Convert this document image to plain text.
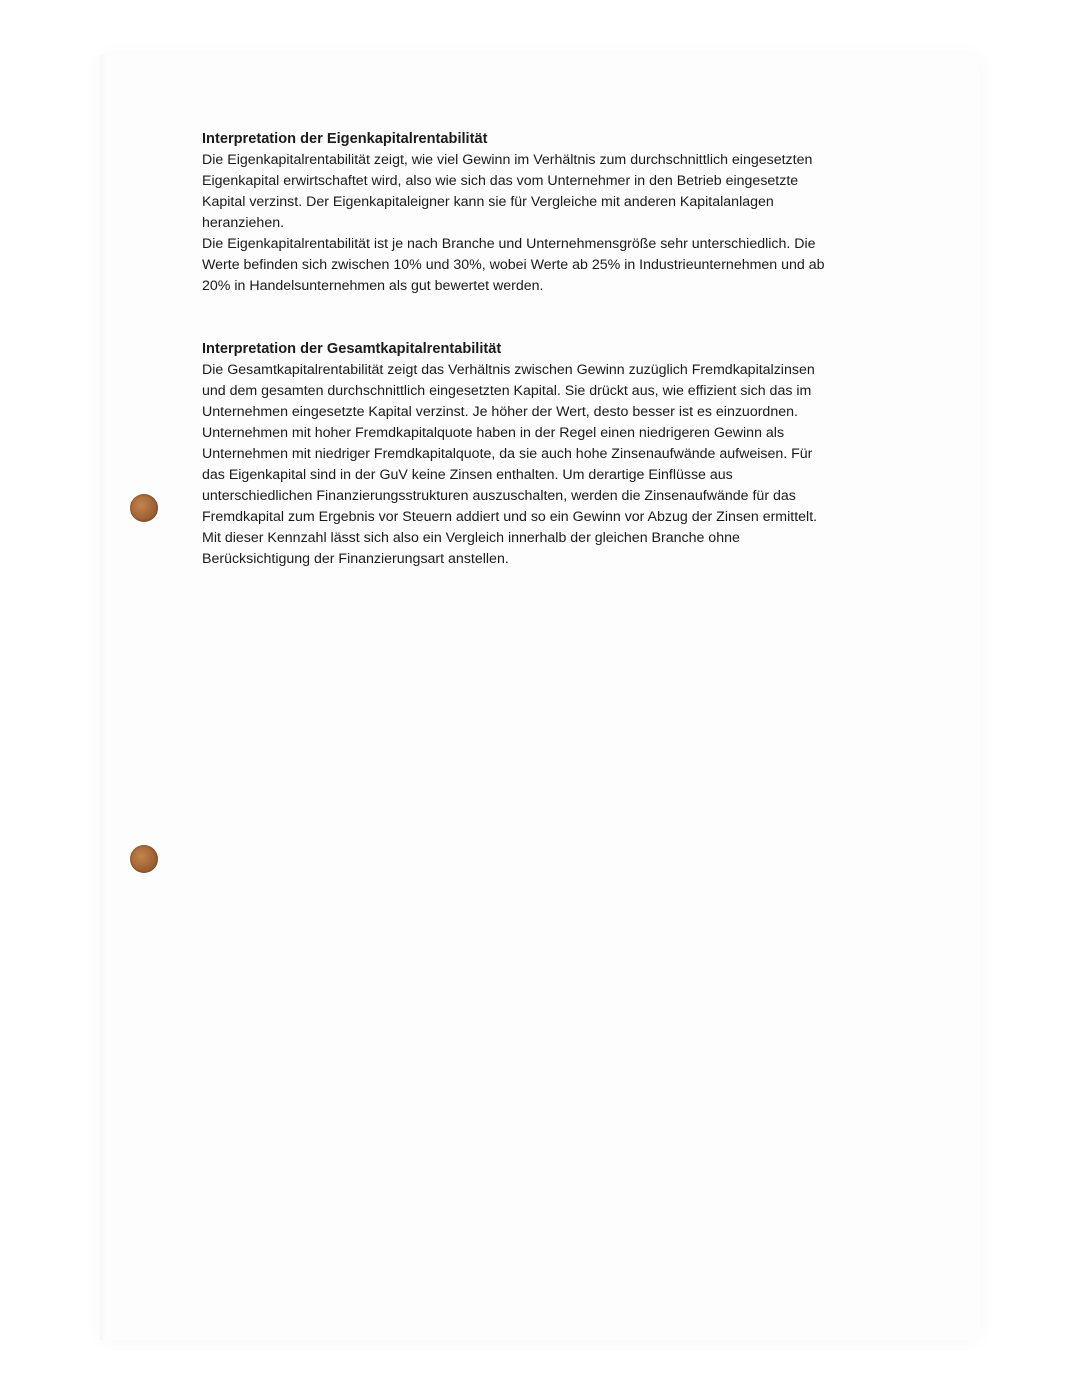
Interpretation der Eigenkapitalrentabilität

Die Eigenkapitalrentabilität zeigt, wie viel Gewinn im Verhältnis zum durchschnittlich eingesetzten

Eigenkapital erwirtschaftet wird, also wie sich das vom Unternehmer in den Betrieb eingesetzte

Kapital verzinst. Der Eigenkapitaleigner kann sie für Vergleiche mit anderen Kapitalanlagen

heranziehen.

Die Eigenkapitalrentabilität ist je nach Branche und Unternehmensgröße sehr unterschiedlich. Die

Werte befinden sich zwischen 10% und 30%, wobei Werte ab 25% in Industrieunternehmen und ab

20% in Handelsunternehmen als gut bewertet werden.

Interpretation der Gesamtkapitalrentabilität

Die Gesamtkapitalrentabilität zeigt das Verhältnis zwischen Gewinn zuzüglich Fremdkapitalzinsen

und dem gesamten durchschnittlich eingesetzten Kapital. Sie drückt aus, wie effizient sich das im

Unternehmen eingesetzte Kapital verzinst. Je höher der Wert, desto besser ist es einzuordnen.

Unternehmen mit hoher Fremdkapitalquote haben in der Regel einen niedrigeren Gewinn als

Unternehmen mit niedriger Fremdkapitalquote, da sie auch hohe Zinsenaufwände aufweisen. Für

das Eigenkapital sind in der GuV keine Zinsen enthalten. Um derartige Einflüsse aus

unterschiedlichen Finanzierungsstrukturen auszuschalten, werden die Zinsenaufwände für das

Fremdkapital zum Ergebnis vor Steuern addiert und so ein Gewinn vor Abzug der Zinsen ermittelt.

Mit dieser Kennzahl lässt sich also ein Vergleich innerhalb der gleichen Branche ohne

Berücksichtigung der Finanzierungsart anstellen.
